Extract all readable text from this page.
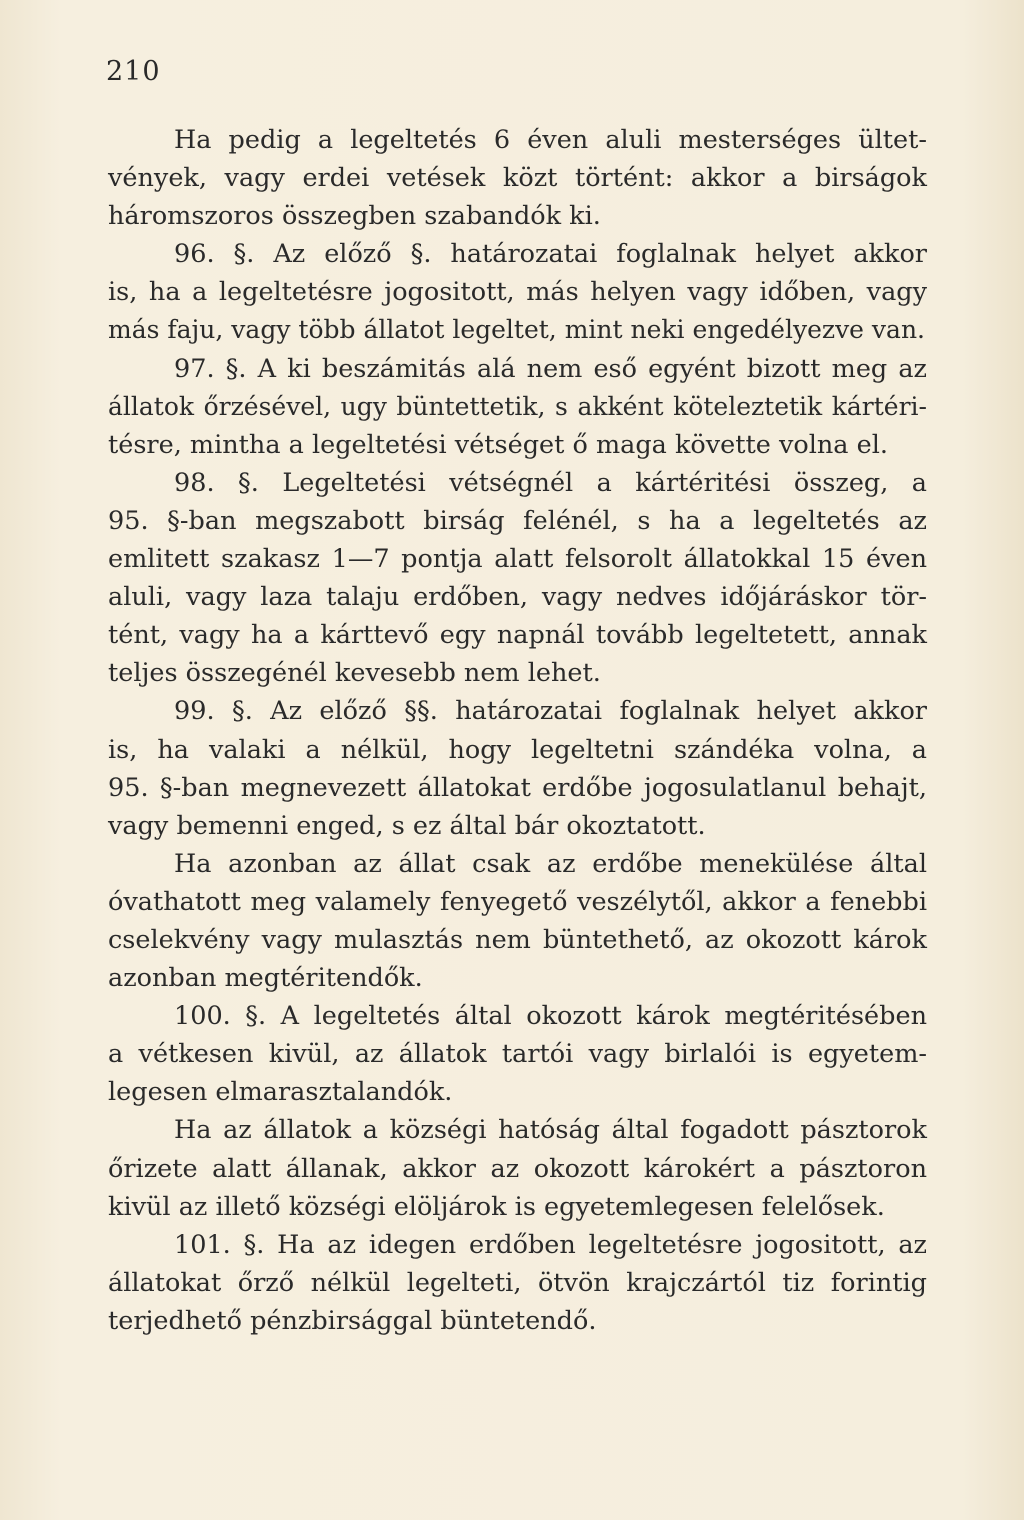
210
Ha pedig a legeltetés 6 éven aluli mesterséges ültet-
vények, vagy erdei vetések közt történt: akkor a birságok
háromszoros összegben szabandók ki.
96. §. Az előző §. határozatai foglalnak helyet akkor
is, ha a legeltetésre jogositott, más helyen vagy időben, vagy
más faju, vagy több állatot legeltet, mint neki engedélyezve van.
97. §. A ki beszámitás alá nem eső egyént bizott meg az
állatok őrzésével, ugy büntettetik, s akként köteleztetik kártéri-
tésre, mintha a legeltetési vétséget ő maga követte volna el.
98. §. Legeltetési vétségnél a kártéritési összeg, a
95. §-ban megszabott birság felénél, s ha a legeltetés az
emlitett szakasz 1—7 pontja alatt felsorolt állatokkal 15 éven
aluli, vagy laza talaju erdőben, vagy nedves időjáráskor tör-
tént, vagy ha a kárttevő egy napnál tovább legeltetett, annak
teljes összegénél kevesebb nem lehet.
99. §. Az előző §§. határozatai foglalnak helyet akkor
is, ha valaki a nélkül, hogy legeltetni szándéka volna, a
95. §-ban megnevezett állatokat erdőbe jogosulatlanul behajt,
vagy bemenni enged, s ez által bár okoztatott.
Ha azonban az állat csak az erdőbe menekülése által
óvathatott meg valamely fenyegető veszélytől, akkor a fenebbi
cselekvény vagy mulasztás nem büntethető, az okozott károk
azonban megtéritendők.
100. §. A legeltetés által okozott károk megtéritésében
a vétkesen kivül, az állatok tartói vagy birlalói is egyetem-
legesen elmarasztalandók.
Ha az állatok a községi hatóság által fogadott pásztorok
őrizete alatt állanak, akkor az okozott károkért a pásztoron
kivül az illető községi elöljárok is egyetemlegesen felelősek.
101. §. Ha az idegen erdőben legeltetésre jogositott, az
állatokat őrző nélkül legelteti, ötvön krajczártól tiz forintig
terjedhető pénzbirsággal büntetendő.
